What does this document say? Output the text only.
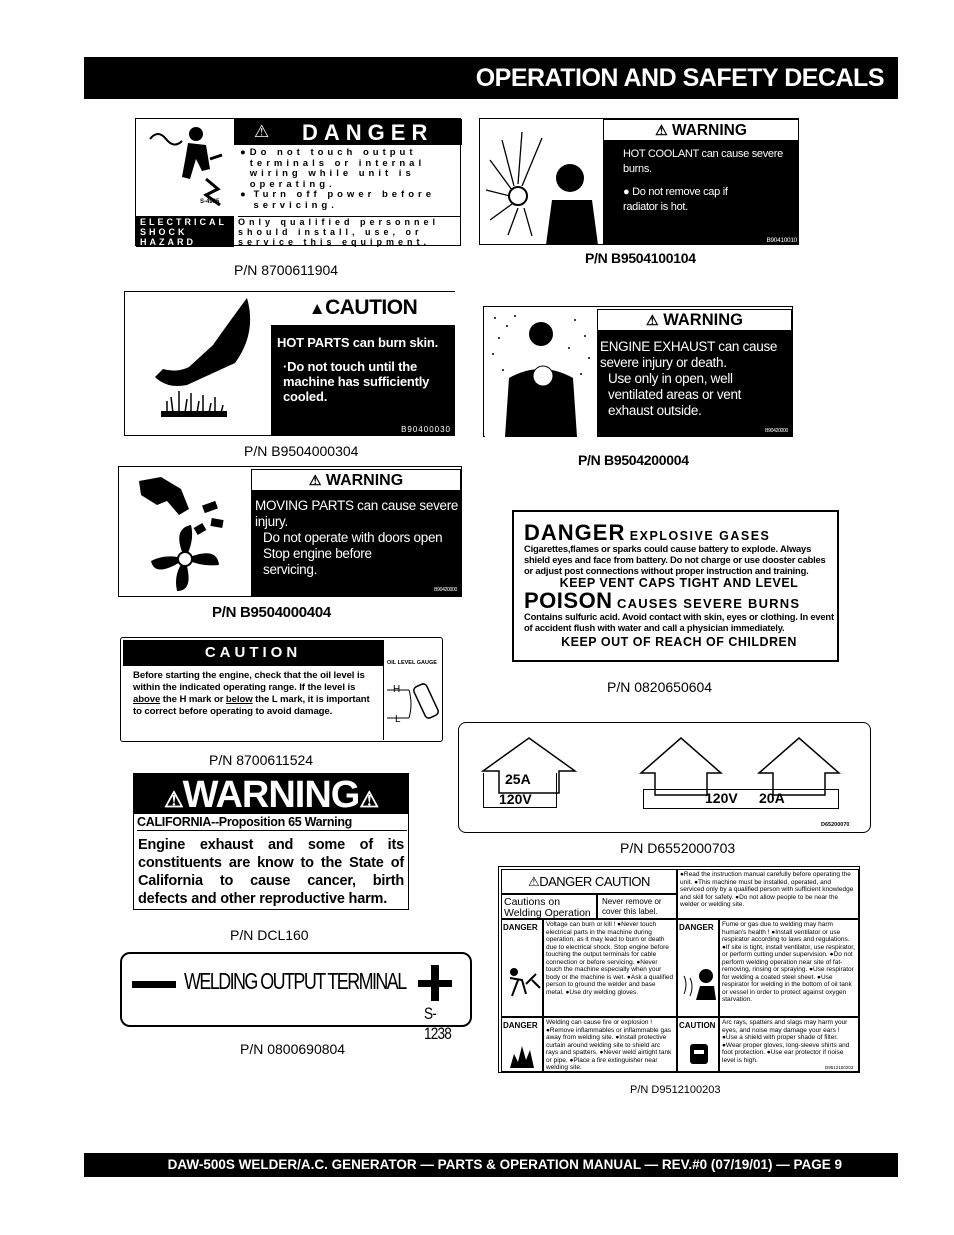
OPERATION AND SAFETY DECALS
S-4985
⚠ DANGER
● Do not touch output terminals or internal wiring while unit is operating.
● Turn off power before servicing.
ELECTRICAL
SHOCK
HAZARD
Only qualified personnel should install, use, or service this equipment.
P/N 8700611904
⚠ WARNING
HOT COOLANT can cause severe burns.
● Do not remove cap if radiator is hot.
B90410010
P/N B9504100104
▲CAUTION
HOT PARTS can burn skin.
·Do not touch until the machine has sufficiently cooled.
B90400030
P/N B9504000304
⚠ WARNING
ENGINE EXHAUST can cause severe injury or death.
Use only in open, well ventilated areas or vent exhaust outside.
B90420000
P/N B9504200004
⚠ WARNING
MOVING PARTS can cause severe injury.
Do not operate with doors open
Stop engine before servicing.
B90420000
P/N B9504000404
DANGER EXPLOSIVE GASES
Cigarettes,flames or sparks could cause battery to explode. Always shield eyes and face from battery. Do not charge or use dooster cables or adjust post connections without proper instruction and training.
KEEP VENT CAPS TIGHT AND LEVEL
POISON CAUSES SEVERE BURNS
Contains sulfuric acid. Avoid contact with skin, eyes or clothing. In event of accident flush with water and call a physician immediately.
KEEP OUT OF REACH OF CHILDREN
P/N 0820650604
CAUTION
OIL LEVEL GAUGE
H
L
Before starting the engine, check that the oil level is within the indicated operating range. If the level is above the H mark or below the L mark, it is important to correct before operating to avoid damage.
P/N 8700611524
25A
120V	120V 20A
D65200070
P/N D6552000703
⚠WARNING⚠
CALIFORNIA--Proposition 65 Warning
Engine exhaust and some of its constituents are know to the State of California to cause cancer, birth defects and other reproductive harm.
P/N DCL160
WELDING OUTPUT TERMINAL
S-1238
P/N 0800690804
⚠DANGER CAUTION
Cautions on Welding Operation
Never remove or cover this label.
●Read the instruction manual carefully before operating the unit. ●This machine must be installed, operated, and serviced only by a qualified person with sufficient knowledge and skill for safety. ●Do not allow people to be near the welder or welding site.
DANGER	Voltage can burn or kill ! ●Never touch electrical parts in the machine during operation, as it may lead to burn or death due to electrical shock. Stop engine before touching the output terminals for cable connection or before servicing. ●Never touch the machine especially when your body or the machine is wet. ●Ask a qualified person to ground the welder and base metal. ●Use dry welding gloves.
DANGER	Fume or gas due to welding may harm human's health ! ●Install ventilator or use respirator according to laws and regulations. ●If site is tight, install ventilator, use respirator, or perform cutting under supervision. ●Do not perform welding operation near site of fat-removing, rinsing or spraying. ●Use respirator for welding a coated steel sheet. ●Use respirator for welding in the bottom of oil tank or vessel in order to protect against oxygen starvation.
DANGER	Welding can cause fire or explosion ! ●Remove inflammables or inflammable gas away from welding site. ●Install protective curtain around welding site to shield arc rays and spatters. ●Never weld airtight tank or pipe. ●Place a fire extinguisher near welding site.
CAUTION	Arc rays, spatters and slags may harm your eyes, and noise may damage your ears ! ●Use a shield with proper shade of filter. ●Wear proper gloves, long-sleeve shirts and foot protection. ●Use ear protector if noise level is high.
D9512100203
P/N D9512100203
DAW-500S WELDER/A.C. GENERATOR — PARTS & OPERATION MANUAL — REV.#0 (07/19/01) — PAGE 9
